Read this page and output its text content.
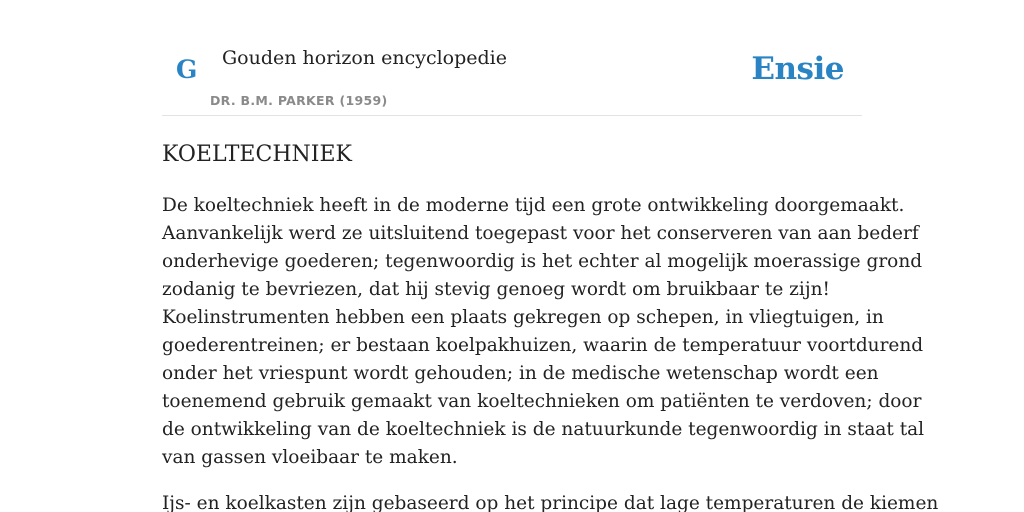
G Gouden horizon encyclopedie
DR. B.M. PARKER (1959)
Ensie
KOELTECHNIEK

De koeltechniek heeft in de moderne tijd een grote ontwikkeling doorgemaakt.
Aanvankelijk werd ze uitsluitend toegepast voor het conserveren van aan bederf
onderhevige goederen; tegenwoordig is het echter al mogelijk moerassige grond
zodanig te bevriezen, dat hij stevig genoeg wordt om bruikbaar te zijn!
Koelinstrumenten hebben een plaats gekregen op schepen, in vliegtuigen, in
goederentreinen; er bestaan koelpakhuizen, waarin de temperatuur voortdurend
onder het vriespunt wordt gehouden; in de medische wetenschap wordt een
toenemend gebruik gemaakt van koeltechnieken om patiënten te verdoven; door
de ontwikkeling van de koeltechniek is de natuurkunde tegenwoordig in staat tal
van gassen vloeibaar te maken.

Ijs- en koelkasten zijn gebaseerd op het principe dat lage temperaturen de kiemen
